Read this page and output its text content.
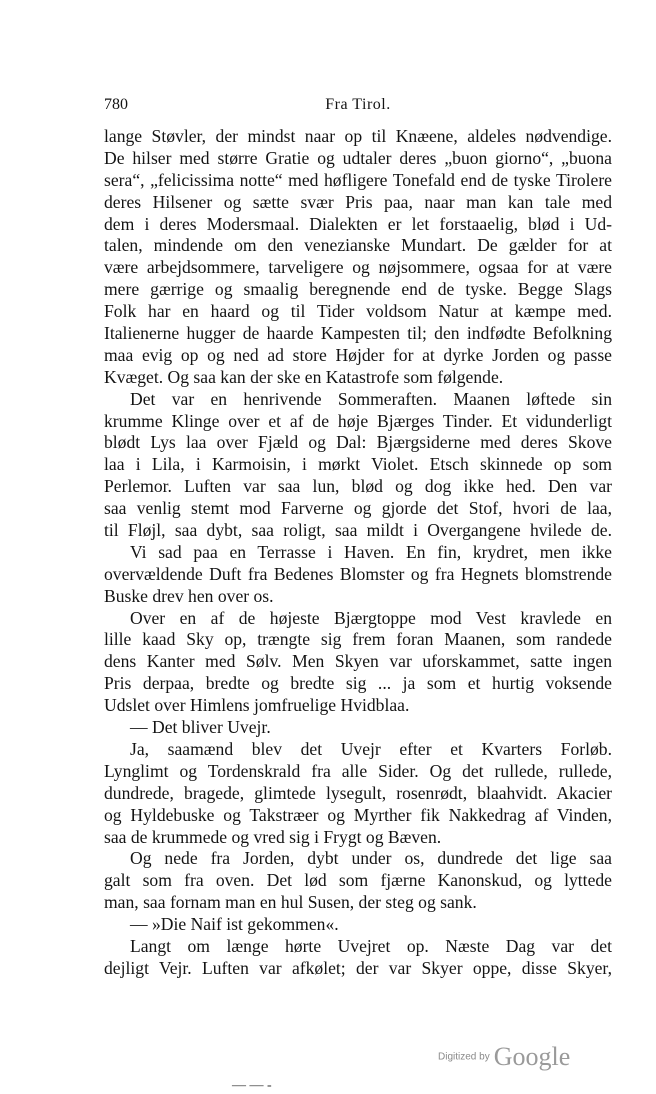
780	Fra Tirol.
lange Støvler, der mindst naar op til Knæene, aldeles nødvendige.
De hilser med større Gratie og udtaler deres „buon giorno“, „buona
sera“, „felicissima notte“ med høfligere Tonefald end de tyske Tirolere
deres Hilsener og sætte svær Pris paa, naar man kan tale med
dem i deres Modersmaal. Dialekten er let forstaaelig, blød i Ud-
talen, mindende om den venezianske Mundart. De gælder for at
være arbejdsommere, tarveligere og nøjsommere, ogsaa for at være
mere gærrige og smaalig beregnende end de tyske. Begge Slags
Folk har en haard og til Tider voldsom Natur at kæmpe med.
Italienerne hugger de haarde Kampesten til; den indfødte Befolkning
maa evig op og ned ad store Højder for at dyrke Jorden og passe
Kvæget. Og saa kan der ske en Katastrofe som følgende.
Det var en henrivende Sommeraften. Maanen løftede sin
krumme Klinge over et af de høje Bjærges Tinder. Et vidunderligt
blødt Lys laa over Fjæld og Dal: Bjærgsiderne med deres Skove
laa i Lila, i Karmoisin, i mørkt Violet. Etsch skinnede op som
Perlemor. Luften var saa lun, blød og dog ikke hed. Den var
saa venlig stemt mod Farverne og gjorde det Stof, hvori de laa,
til Fløjl, saa dybt, saa roligt, saa mildt i Overgangene hvilede de.
Vi sad paa en Terrasse i Haven. En fin, krydret, men ikke
overvældende Duft fra Bedenes Blomster og fra Hegnets blomstrende
Buske drev hen over os.
Over en af de højeste Bjærgtoppe mod Vest kravlede en
lille kaad Sky op, trængte sig frem foran Maanen, som randede
dens Kanter med Sølv. Men Skyen var uforskammet, satte ingen
Pris derpaa, bredte og bredte sig ... ja som et hurtig voksende
Udslet over Himlens jomfruelige Hvidblaa.
— Det bliver Uvejr.
Ja, saamænd blev det Uvejr efter et Kvarters Forløb.
Lynglimt og Tordenskrald fra alle Sider. Og det rullede, rullede,
dundrede, bragede, glimtede lysegult, rosenrødt, blaahvidt. Akacier
og Hyldebuske og Takstræer og Myrther fik Nakkedrag af Vinden,
saa de krummede og vred sig i Frygt og Bæven.
Og nede fra Jorden, dybt under os, dundrede det lige saa
galt som fra oven. Det lød som fjærne Kanonskud, og lyttede
man, saa fornam man en hul Susen, der steg og sank.
— »Die Naif ist gekommen«.
Langt om længe hørte Uvejret op. Næste Dag var det
dejligt Vejr. Luften var afkølet; der var Skyer oppe, disse Skyer,
Digitized by Google
— — -
